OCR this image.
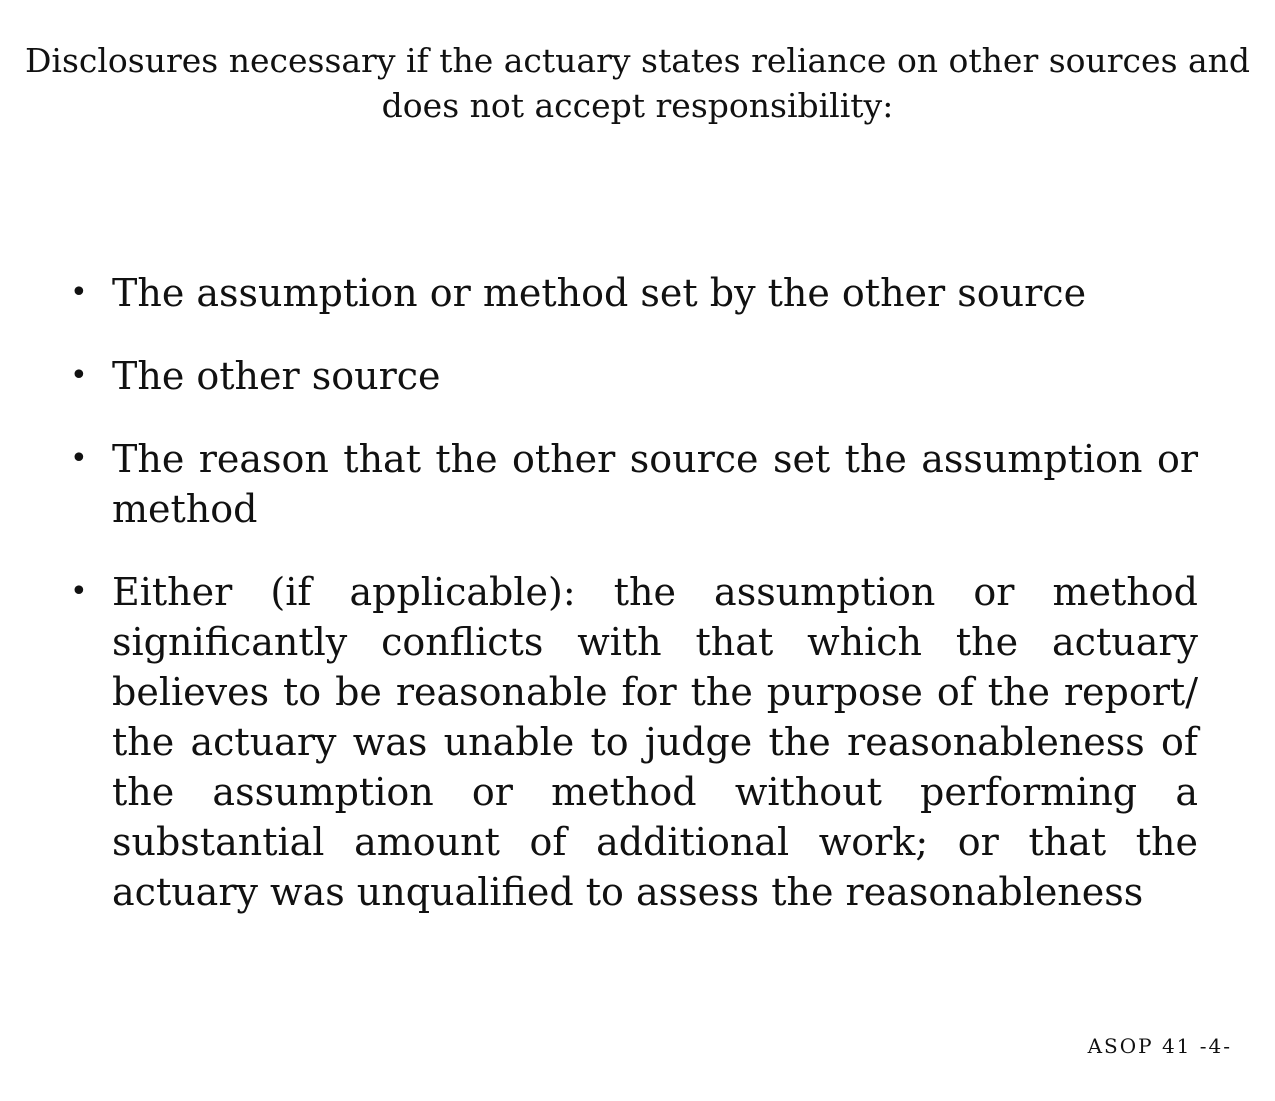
Disclosures necessary if the actuary states reliance on other sources and does not accept responsibility:
• The assumption or method set by the other source
• The other source
• The reason that the other source set the assumption or method
• Either (if applicable): the assumption or method significantly conflicts with that which the actuary believes to be reasonable for the purpose of the report/ the actuary was unable to judge the reasonableness of the assumption or method without performing a substantial amount of additional work; or that the actuary was unqualified to assess the reasonableness
ASOP 41 -4-
